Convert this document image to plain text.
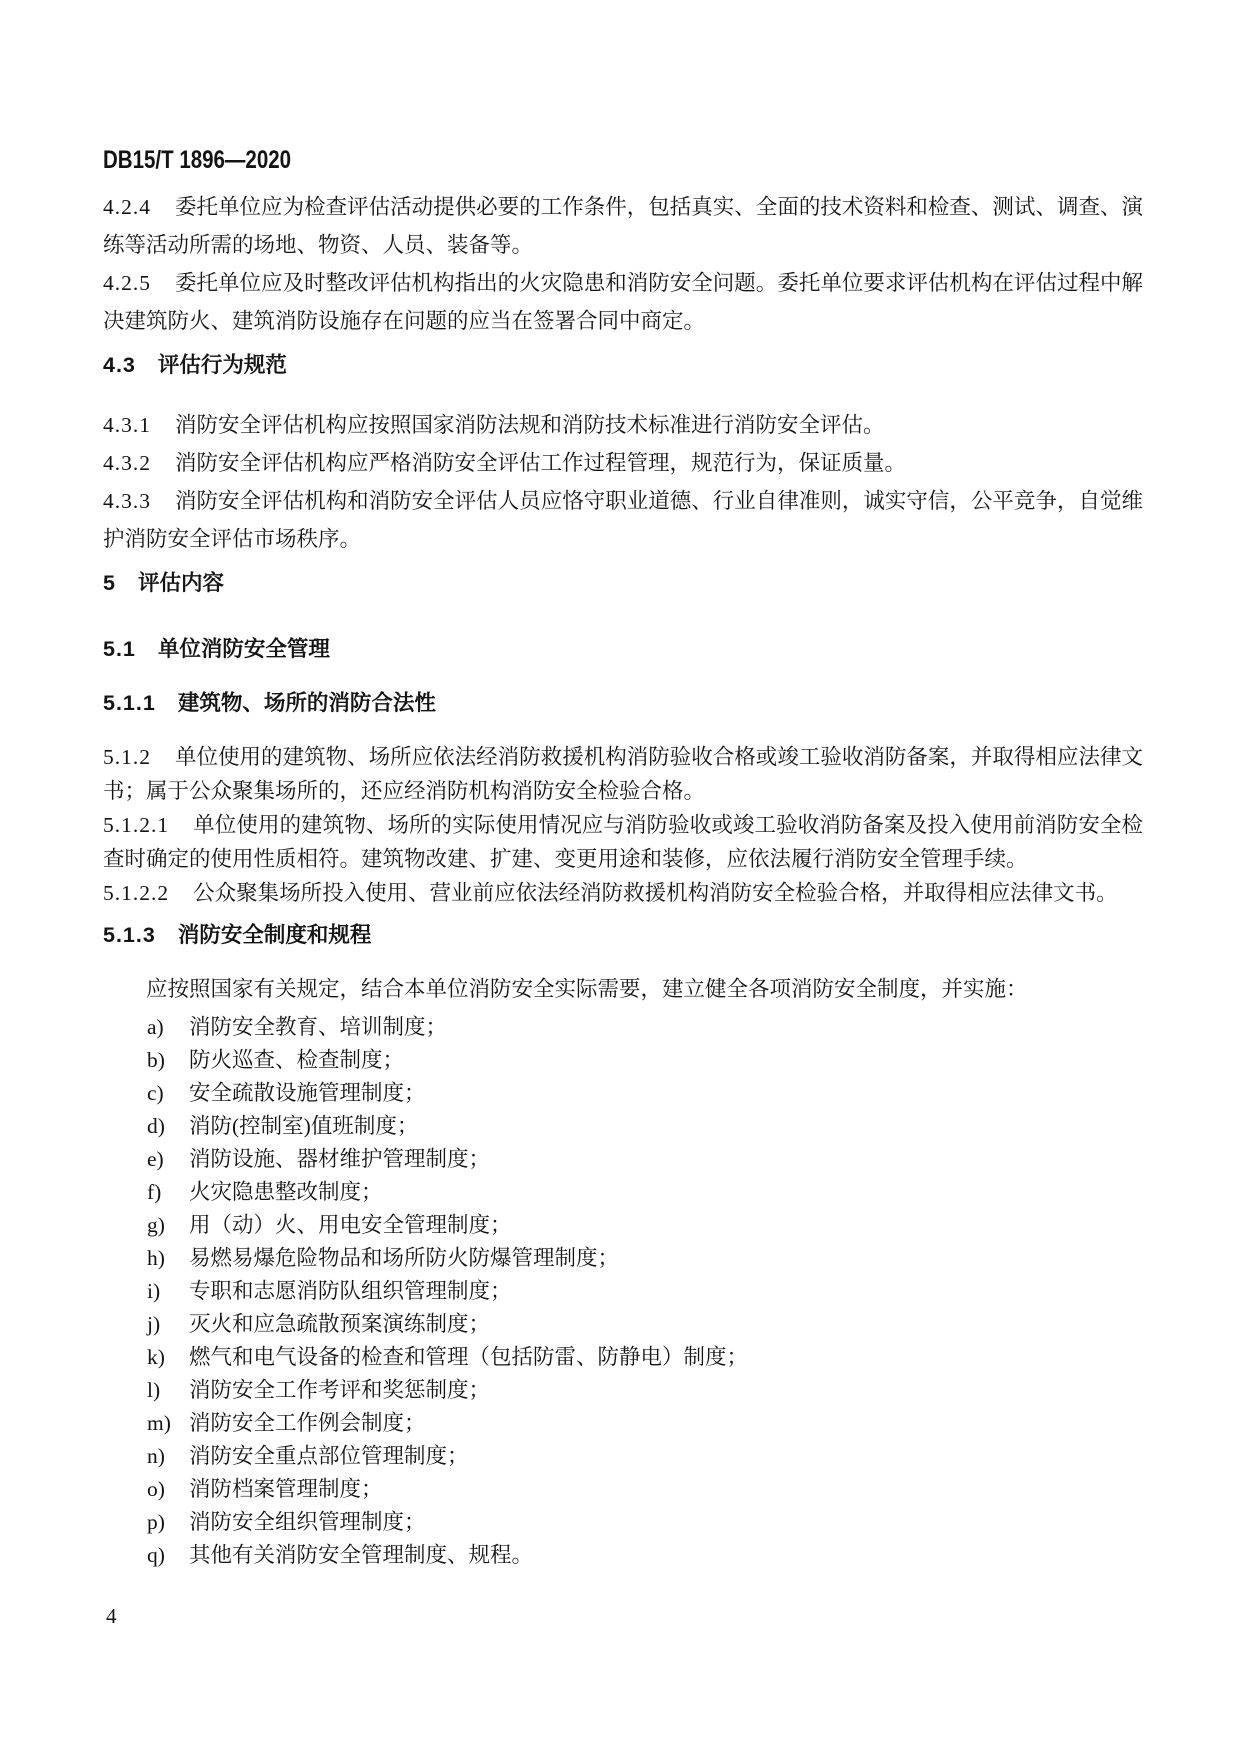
DB15/T 1896—2020

4.2.4 委托单位应为检查评估活动提供必要的工作条件，包括真实、全面的技术资料和检查、测试、调查、演练等活动所需的场地、物资、人员、装备等。

4.2.5 委托单位应及时整改评估机构指出的火灾隐患和消防安全问题。委托单位要求评估机构在评估过程中解决建筑防火、建筑消防设施存在问题的应当在签署合同中商定。

4.3 评估行为规范

4.3.1 消防安全评估机构应按照国家消防法规和消防技术标准进行消防安全评估。

4.3.2 消防安全评估机构应严格消防安全评估工作过程管理，规范行为，保证质量。

4.3.3 消防安全评估机构和消防安全评估人员应恪守职业道德、行业自律准则，诚实守信，公平竞争，自觉维护消防安全评估市场秩序。

5 评估内容

5.1 单位消防安全管理

5.1.1 建筑物、场所的消防合法性

5.1.2 单位使用的建筑物、场所应依法经消防救援机构消防验收合格或竣工验收消防备案，并取得相应法律文书；属于公众聚集场所的，还应经消防机构消防安全检验合格。

5.1.2.1 单位使用的建筑物、场所的实际使用情况应与消防验收或竣工验收消防备案及投入使用前消防安全检查时确定的使用性质相符。建筑物改建、扩建、变更用途和装修，应依法履行消防安全管理手续。

5.1.2.2 公众聚集场所投入使用、营业前应依法经消防救援机构消防安全检验合格，并取得相应法律文书。

5.1.3 消防安全制度和规程

应按照国家有关规定，结合本单位消防安全实际需要，建立健全各项消防安全制度，并实施：

a) 消防安全教育、培训制度；
b) 防火巡查、检查制度；
c) 安全疏散设施管理制度；
d) 消防(控制室)值班制度；
e) 消防设施、器材维护管理制度；
f) 火灾隐患整改制度；
g) 用（动）火、用电安全管理制度；
h) 易燃易爆危险物品和场所防火防爆管理制度；
i) 专职和志愿消防队组织管理制度；
j) 灭火和应急疏散预案演练制度；
k) 燃气和电气设备的检查和管理（包括防雷、防静电）制度；
l) 消防安全工作考评和奖惩制度；
m) 消防安全工作例会制度；
n) 消防安全重点部位管理制度；
o) 消防档案管理制度；
p) 消防安全组织管理制度；
q) 其他有关消防安全管理制度、规程。
4
